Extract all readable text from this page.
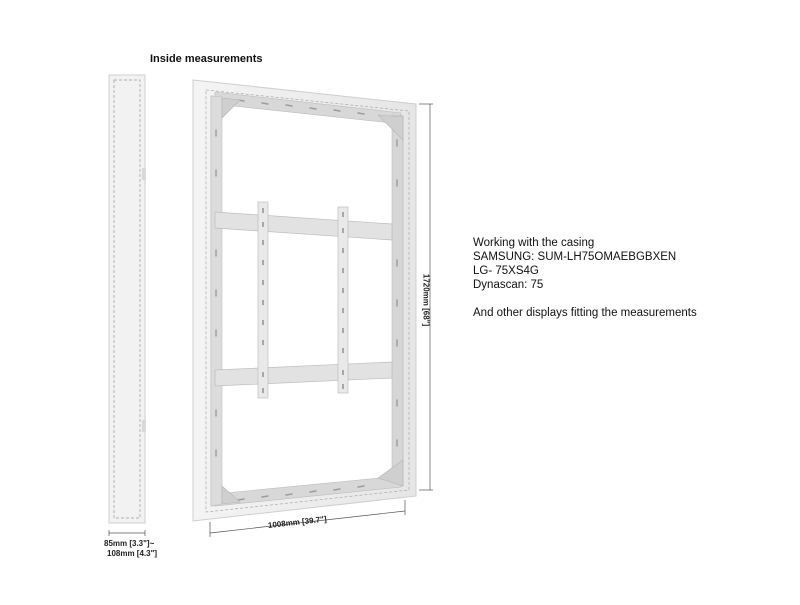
Inside measurements
1720mm [68"]
1008mm [39.7"]
85mm [3.3"]~
108mm [4.3"]
Working with the casing
SAMSUNG: SUM-LH75OMAEBGBXEN
LG- 75XS4G
Dynascan: 75
And other displays fitting the measurements
